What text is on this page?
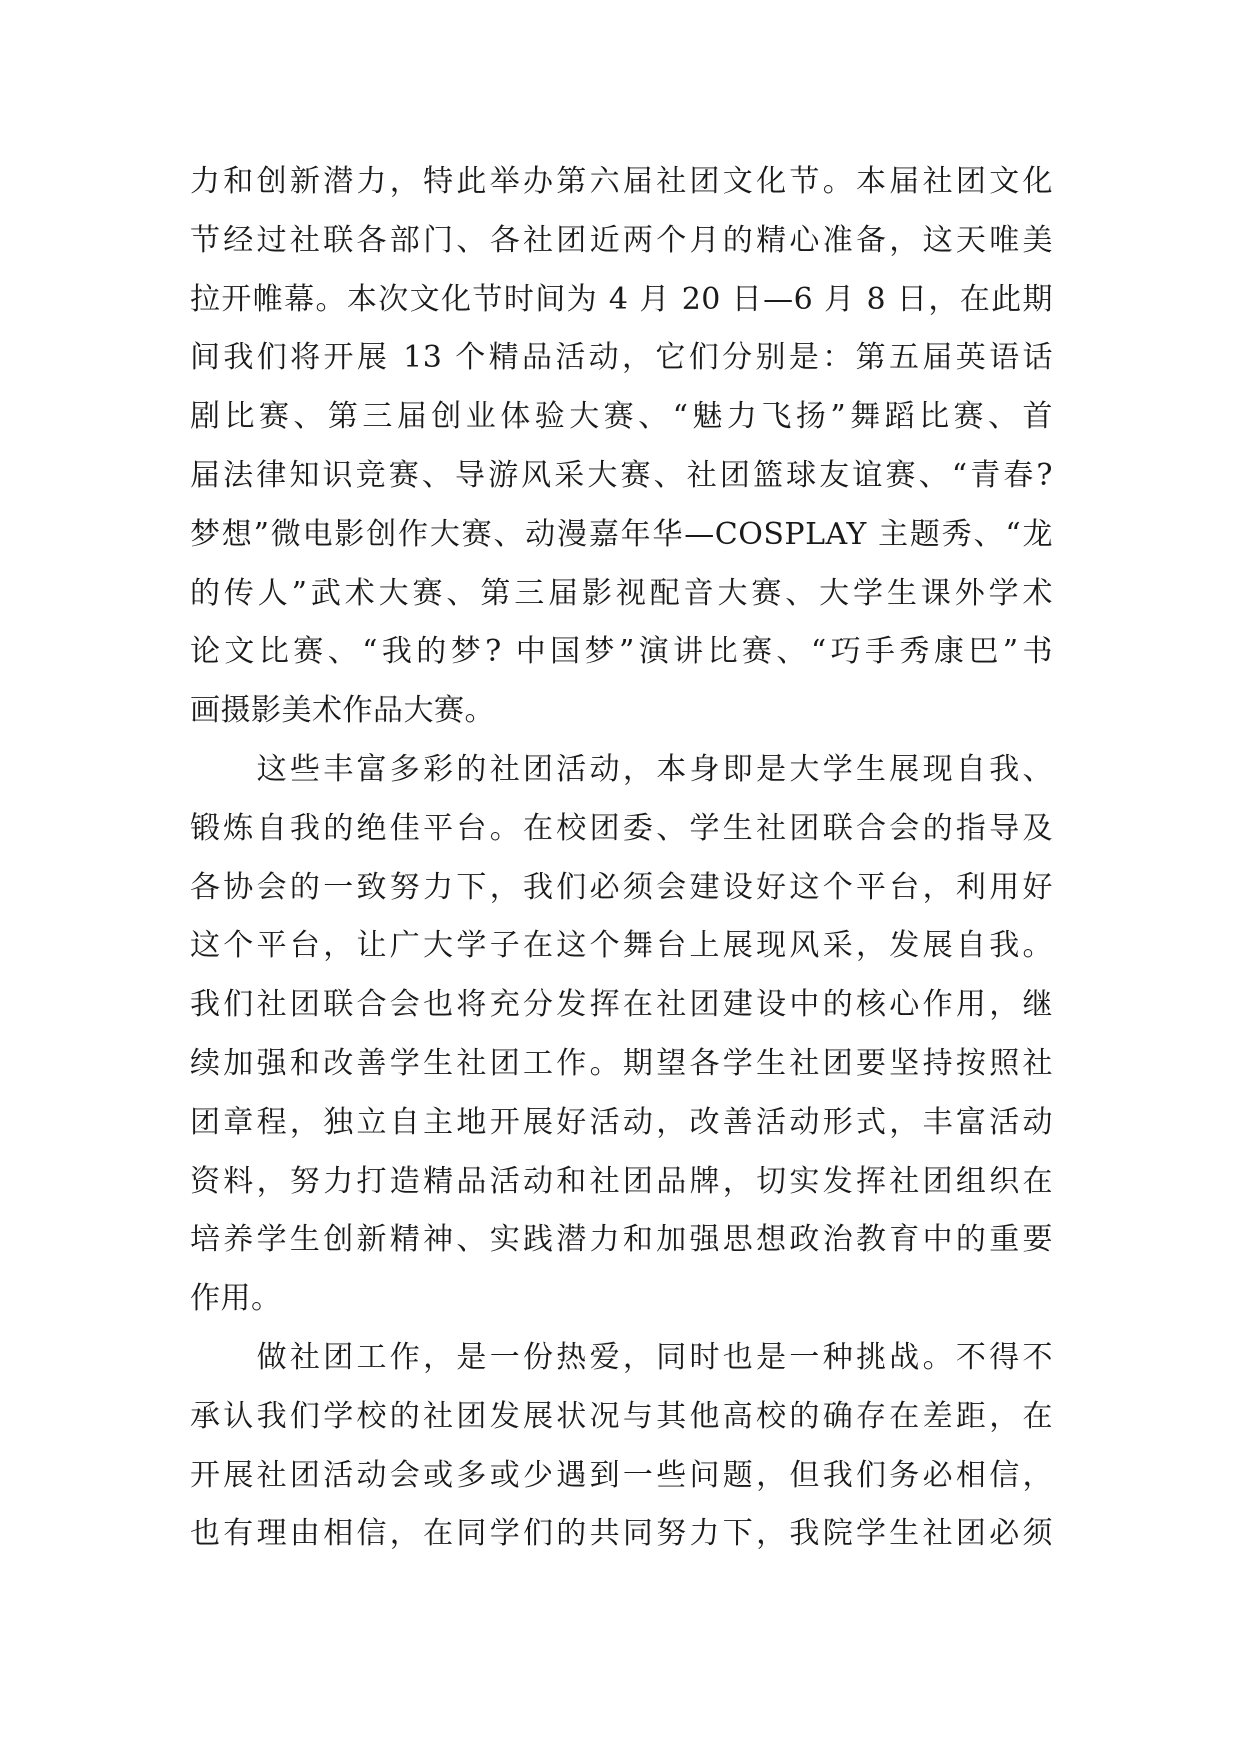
力和创新潜力，特此举办第六届社团文化节。本届社团文化
节经过社联各部门、各社团近两个月的精心准备，这天唯美
拉开帷幕。本次文化节时间为 4 月 20 日—6 月 8 日，在此期
间我们将开展 13 个精品活动，它们分别是：第五届英语话
剧比赛、第三届创业体验大赛、“魅力飞扬”舞蹈比赛、首
届法律知识竞赛、导游风采大赛、社团篮球友谊赛、“青春?
梦想”微电影创作大赛、动漫嘉年华—COSPLAY 主题秀、“龙
的传人”武术大赛、第三届影视配音大赛、大学生课外学术
论文比赛、“我的梦? 中国梦”演讲比赛、“巧手秀康巴”书
画摄影美术作品大赛。
　　这些丰富多彩的社团活动，本身即是大学生展现自我、
锻炼自我的绝佳平台。在校团委、学生社团联合会的指导及
各协会的一致努力下，我们必须会建设好这个平台，利用好
这个平台，让广大学子在这个舞台上展现风采，发展自我。
我们社团联合会也将充分发挥在社团建设中的核心作用，继
续加强和改善学生社团工作。期望各学生社团要坚持按照社
团章程，独立自主地开展好活动，改善活动形式，丰富活动
资料，努力打造精品活动和社团品牌，切实发挥社团组织在
培养学生创新精神、实践潜力和加强思想政治教育中的重要
作用。
　　做社团工作，是一份热爱，同时也是一种挑战。不得不
承认我们学校的社团发展状况与其他高校的确存在差距，在
开展社团活动会或多或少遇到一些问题，但我们务必相信，
也有理由相信，在同学们的共同努力下，我院学生社团必须
